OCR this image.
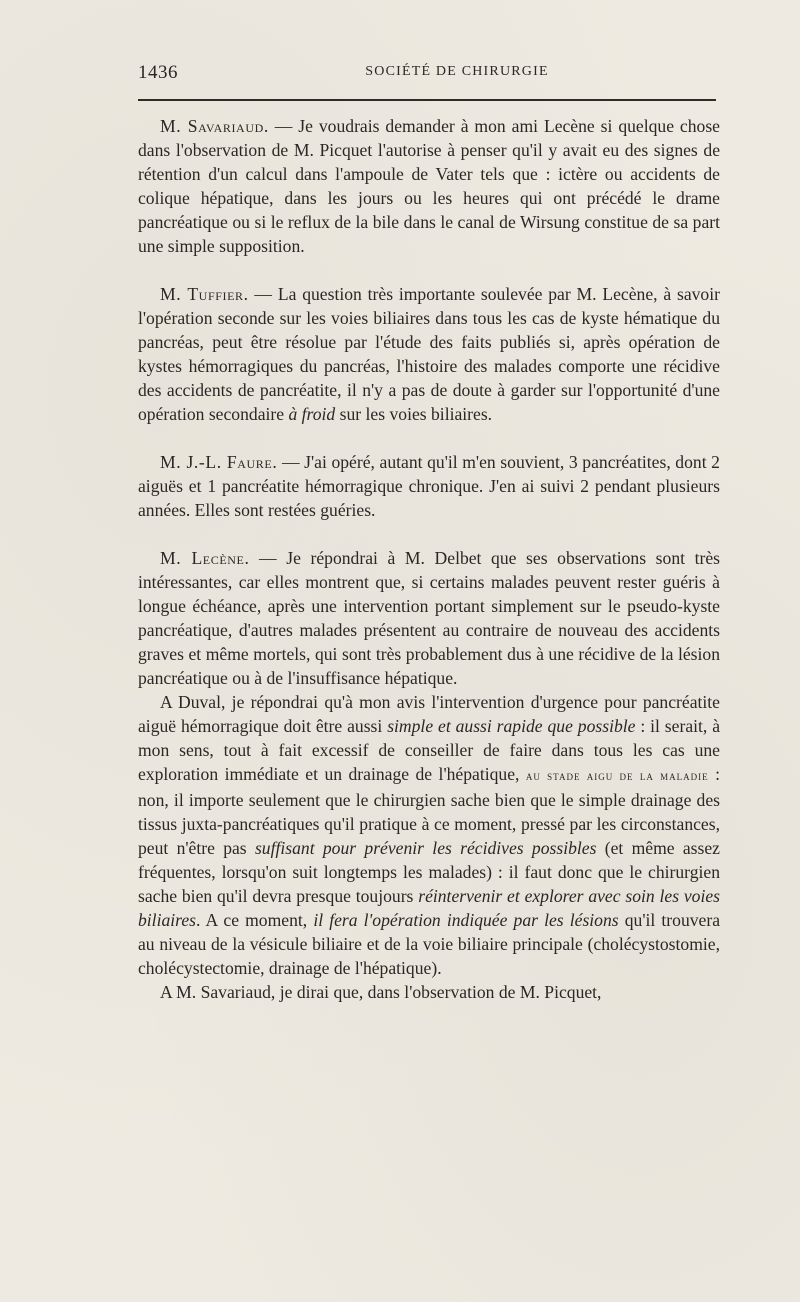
1436	SOCIÉTÉ DE CHIRURGIE

M. Savariaud. — Je voudrais demander à mon ami Lecène si quelque chose dans l'observation de M. Picquet l'autorise à penser qu'il y avait eu des signes de rétention d'un calcul dans l'ampoule de Vater tels que : ictère ou accidents de colique hépatique, dans les jours ou les heures qui ont précédé le drame pancréatique ou si le reflux de la bile dans le canal de Wirsung constitue de sa part une simple supposition.

M. Tuffier. — La question très importante soulevée par M. Lecène, à savoir l'opération seconde sur les voies biliaires dans tous les cas de kyste hématique du pancréas, peut être résolue par l'étude des faits publiés si, après opération de kystes hémorragiques du pancréas, l'histoire des malades comporte une récidive des accidents de pancréatite, il n'y a pas de doute à garder sur l'opportunité d'une opération secondaire à froid sur les voies biliaires.

M. J.-L. Faure. — J'ai opéré, autant qu'il m'en souvient, 3 pancréatites, dont 2 aiguës et 1 pancréatite hémorragique chronique. J'en ai suivi 2 pendant plusieurs années. Elles sont restées guéries.

M. Lecène. — Je répondrai à M. Delbet que ses observations sont très intéressantes, car elles montrent que, si certains malades peuvent rester guéris à longue échéance, après une intervention portant simplement sur le pseudo-kyste pancréatique, d'autres malades présentent au contraire de nouveau des accidents graves et même mortels, qui sont très probablement dus à une récidive de la lésion pancréatique ou à de l'insuffisance hépatique.

A Duval, je répondrai qu'à mon avis l'intervention d'urgence pour pancréatite aiguë hémorragique doit être aussi simple et aussi rapide que possible : il serait, à mon sens, tout à fait excessif de conseiller de faire dans tous les cas une exploration immédiate et un drainage de l'hépatique, au stade aigu de la maladie : non, il importe seulement que le chirurgien sache bien que le simple drainage des tissus juxta-pancréatiques qu'il pratique à ce moment, pressé par les circonstances, peut n'être pas suffisant pour prévenir les récidives possibles (et même assez fréquentes, lorsqu'on suit longtemps les malades) : il faut donc que le chirurgien sache bien qu'il devra presque toujours réintervenir et explorer avec soin les voies biliaires. A ce moment, il fera l'opération indiquée par les lésions qu'il trouvera au niveau de la vésicule biliaire et de la voie biliaire principale (cholécystostomie, cholécystectomie, drainage de l'hépatique).

A M. Savariaud, je dirai que, dans l'observation de M. Picquet,
